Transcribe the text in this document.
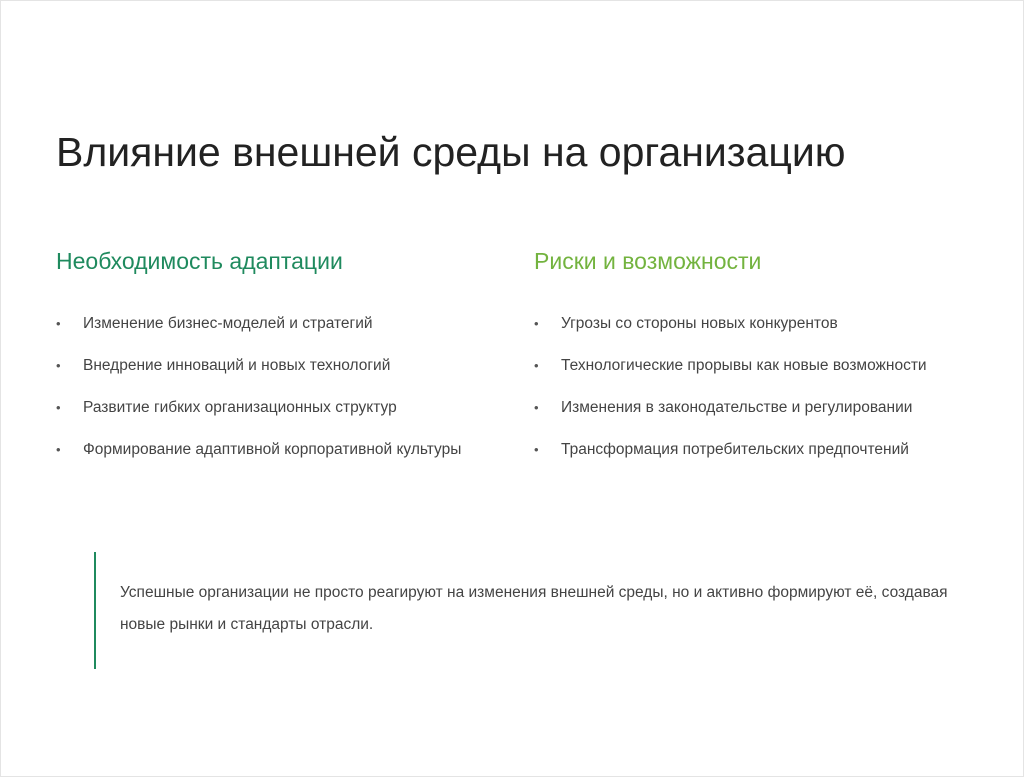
Влияние внешней среды на организацию
Необходимость адаптации
• Изменение бизнес-моделей и стратегий
• Внедрение инноваций и новых технологий
• Развитие гибких организационных структур
• Формирование адаптивной корпоративной культуры
Риски и возможности
• Угрозы со стороны новых конкурентов
• Технологические прорывы как новые возможности
• Изменения в законодательстве и регулировании
• Трансформация потребительских предпочтений

Успешные организации не просто реагируют на изменения внешней среды, но и активно формируют её, создавая новые рынки и стандарты отрасли.
